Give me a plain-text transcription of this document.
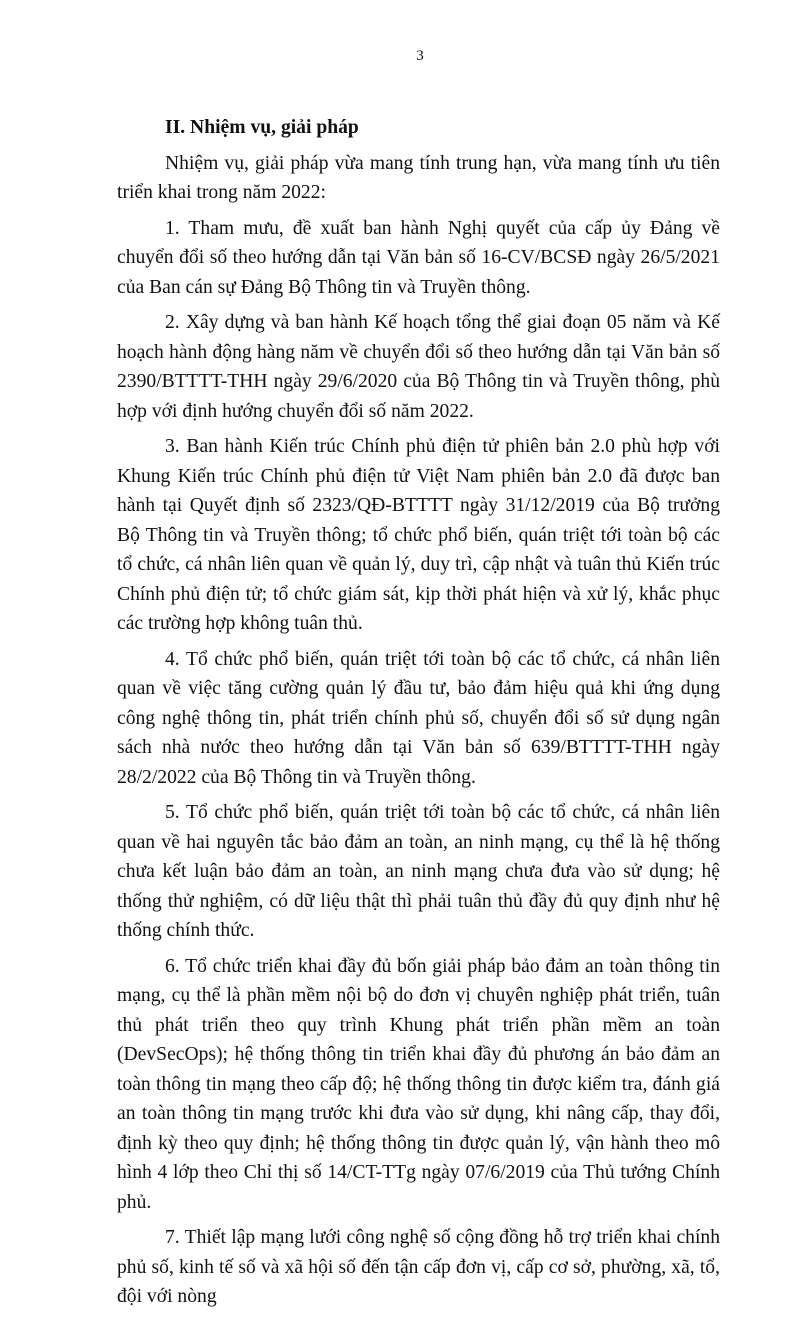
3

II. Nhiệm vụ, giải pháp

Nhiệm vụ, giải pháp vừa mang tính trung hạn, vừa mang tính ưu tiên triển khai trong năm 2022:

1. Tham mưu, đề xuất ban hành Nghị quyết của cấp ủy Đảng về chuyển đổi số theo hướng dẫn tại Văn bản số 16-CV/BCSĐ ngày 26/5/2021 của Ban cán sự Đảng Bộ Thông tin và Truyền thông.

2. Xây dựng và ban hành Kế hoạch tổng thể giai đoạn 05 năm và Kế hoạch hành động hàng năm về chuyển đổi số theo hướng dẫn tại Văn bản số 2390/BTTTT-THH ngày 29/6/2020 của Bộ Thông tin và Truyền thông, phù hợp với định hướng chuyển đổi số năm 2022.

3. Ban hành Kiến trúc Chính phủ điện tử phiên bản 2.0 phù hợp với Khung Kiến trúc Chính phủ điện tử Việt Nam phiên bản 2.0 đã được ban hành tại Quyết định số 2323/QĐ-BTTTT ngày 31/12/2019 của Bộ trưởng Bộ Thông tin và Truyền thông; tổ chức phổ biến, quán triệt tới toàn bộ các tổ chức, cá nhân liên quan về quản lý, duy trì, cập nhật và tuân thủ Kiến trúc Chính phủ điện tử; tổ chức giám sát, kịp thời phát hiện và xử lý, khắc phục các trường hợp không tuân thủ.

4. Tổ chức phổ biến, quán triệt tới toàn bộ các tổ chức, cá nhân liên quan về việc tăng cường quản lý đầu tư, bảo đảm hiệu quả khi ứng dụng công nghệ thông tin, phát triển chính phủ số, chuyển đổi số sử dụng ngân sách nhà nước theo hướng dẫn tại Văn bản số 639/BTTTT-THH ngày 28/2/2022 của Bộ Thông tin và Truyền thông.

5. Tổ chức phổ biến, quán triệt tới toàn bộ các tổ chức, cá nhân liên quan về hai nguyên tắc bảo đảm an toàn, an ninh mạng, cụ thể là hệ thống chưa kết luận bảo đảm an toàn, an ninh mạng chưa đưa vào sử dụng; hệ thống thử nghiệm, có dữ liệu thật thì phải tuân thủ đầy đủ quy định như hệ thống chính thức.

6. Tổ chức triển khai đầy đủ bốn giải pháp bảo đảm an toàn thông tin mạng, cụ thể là phần mềm nội bộ do đơn vị chuyên nghiệp phát triển, tuân thủ phát triển theo quy trình Khung phát triển phần mềm an toàn (DevSecOps); hệ thống thông tin triển khai đầy đủ phương án bảo đảm an toàn thông tin mạng theo cấp độ; hệ thống thông tin được kiểm tra, đánh giá an toàn thông tin mạng trước khi đưa vào sử dụng, khi nâng cấp, thay đổi, định kỳ theo quy định; hệ thống thông tin được quản lý, vận hành theo mô hình 4 lớp theo Chỉ thị số 14/CT-TTg ngày 07/6/2019 của Thủ tướng Chính phủ.

7. Thiết lập mạng lưới công nghệ số cộng đồng hỗ trợ triển khai chính phủ số, kinh tế số và xã hội số đến tận cấp đơn vị, cấp cơ sở, phường, xã, tổ, đội với nòng
